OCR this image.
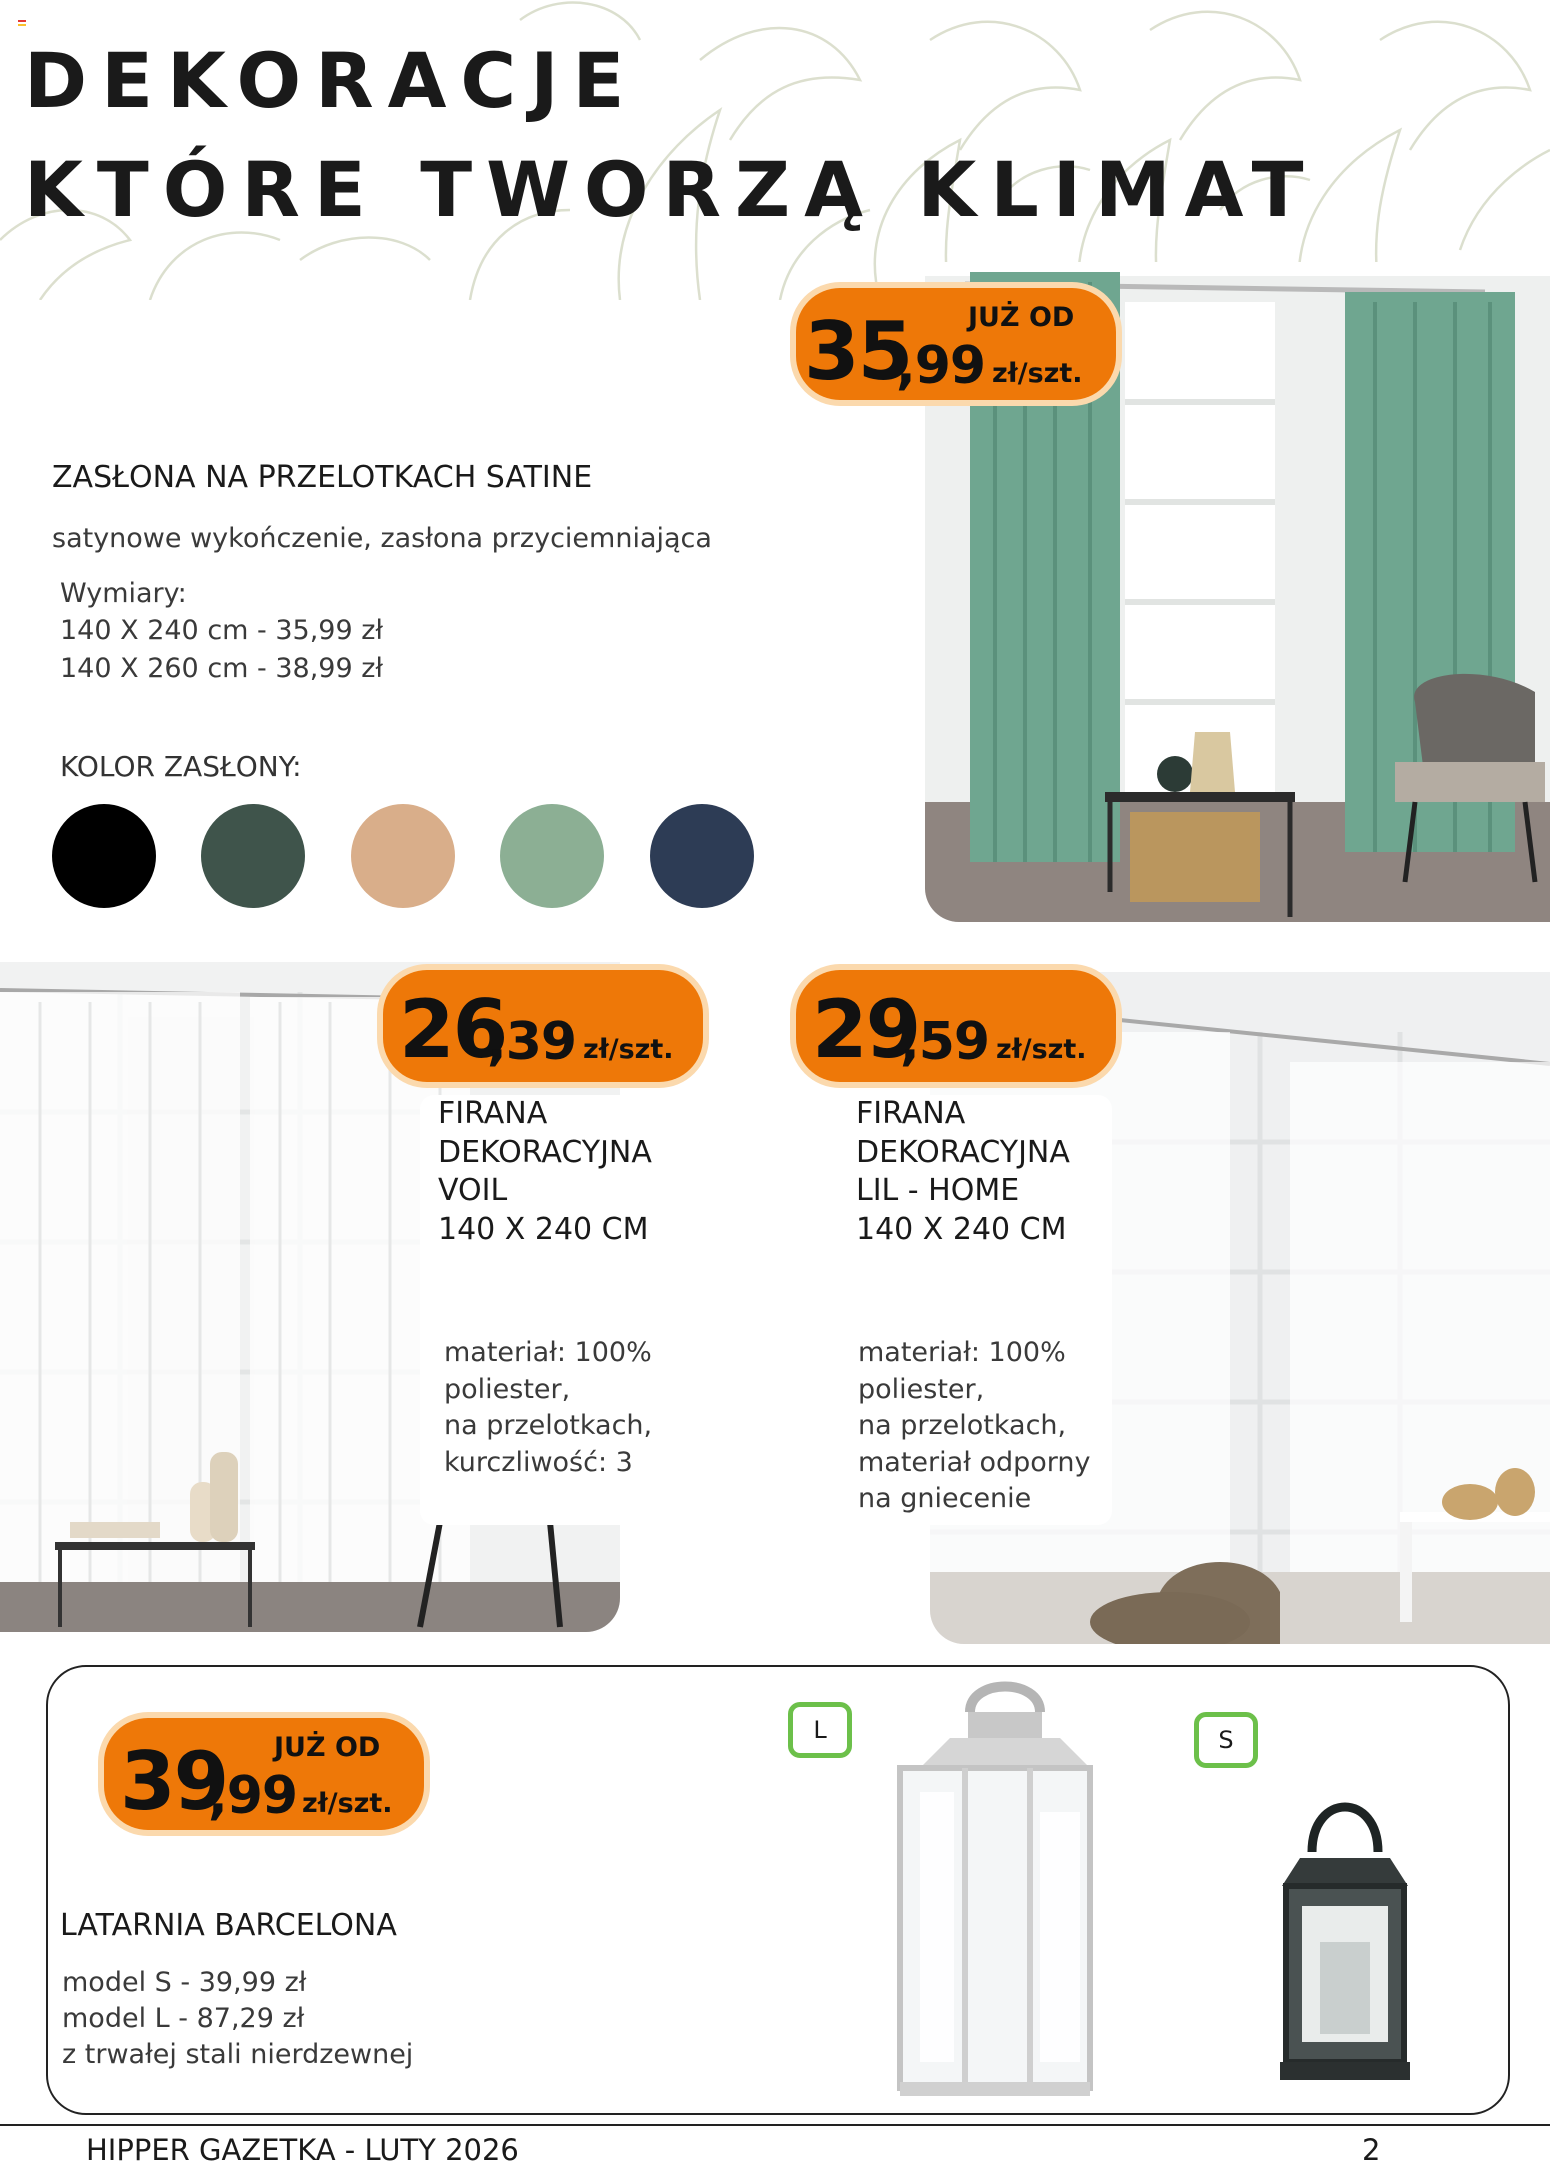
DEKORACJE
KTÓRE TWORZĄ KLIMAT
JUŻ OD
35
,99 zł/szt.
ZASŁONA NA PRZELOTKACH SATINE
satynowe wykończenie, zasłona przyciemniająca
Wymiary:
140 X 240 cm - 35,99 zł
140 X 260 cm - 38,99 zł
KOLOR ZASŁONY:
26
,39 zł/szt. 29
,59 zł/szt.
FIRANA
DEKORACYJNA
VOIL
140 X 240 CM
materiał: 100%
poliester,
na przelotkach,
kurczliwość: 3
FIRANA
DEKORACYJNA
LIL - HOME
140 X 240 CM
materiał: 100%
poliester,
na przelotkach,
materiał odporny
na gniecenie
JUŻ OD
39
,99 zł/szt.
LATARNIA BARCELONA
model S - 39,99 zł
model L - 87,29 zł
z trwałej stali nierdzewnej
L	S
HIPPER GAZETKA - LUTY 2026	2
